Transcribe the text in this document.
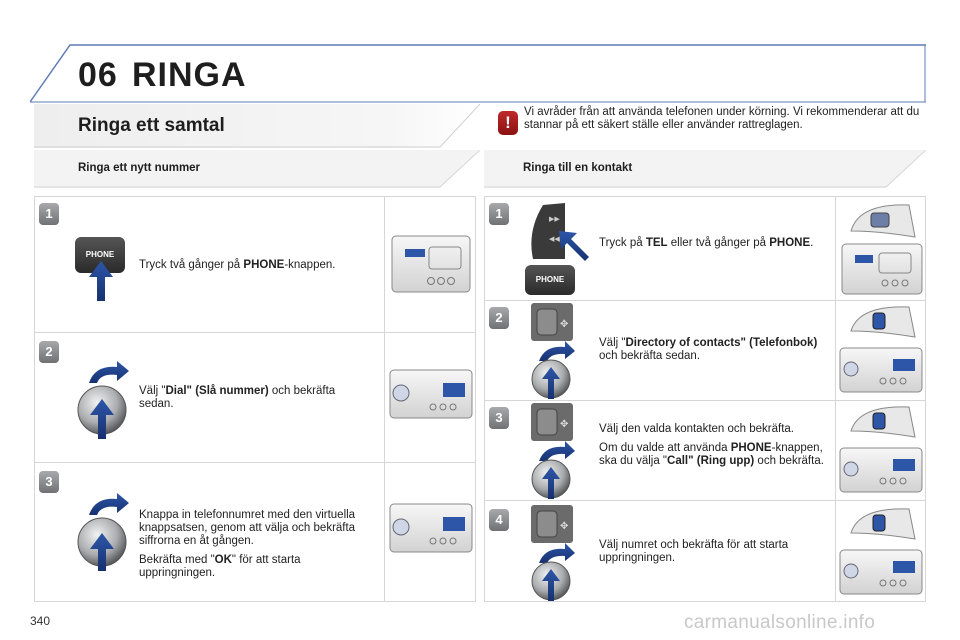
06 RINGA
Ringa ett samtal	!
Vi avråder från att använda telefonen under körning. Vi rekommenderar att du stannar på ett säkert ställe eller använder rattreglagen.
Ringa ett nytt nummer	Ringa till en kontakt
1
PHONE
Tryck två gånger på PHONE-knappen.
2
Välj "Dial" (Slå nummer) och bekräfta sedan.
3

Knappa in telefonnumret med den virtuella knappsatsen, genom att välja och bekräfta siffrorna en åt gången.

Bekräfta med "OK" för att starta uppringningen.

1	▶▶
◀◀
PHONE
Tryck på TEL eller två gånger på PHONE.
2	✥
Välj "Directory of contacts" (Telefonbok) och bekräfta sedan.
3	✥	Välj den valda kontakten och bekräfta.

Om du valde att använda PHONE-knappen, ska du välja "Call" (Ring upp) och bekräfta.

4	✥
Välj numret och bekräfta för att starta uppringningen.
340	carmanualsonline.info
